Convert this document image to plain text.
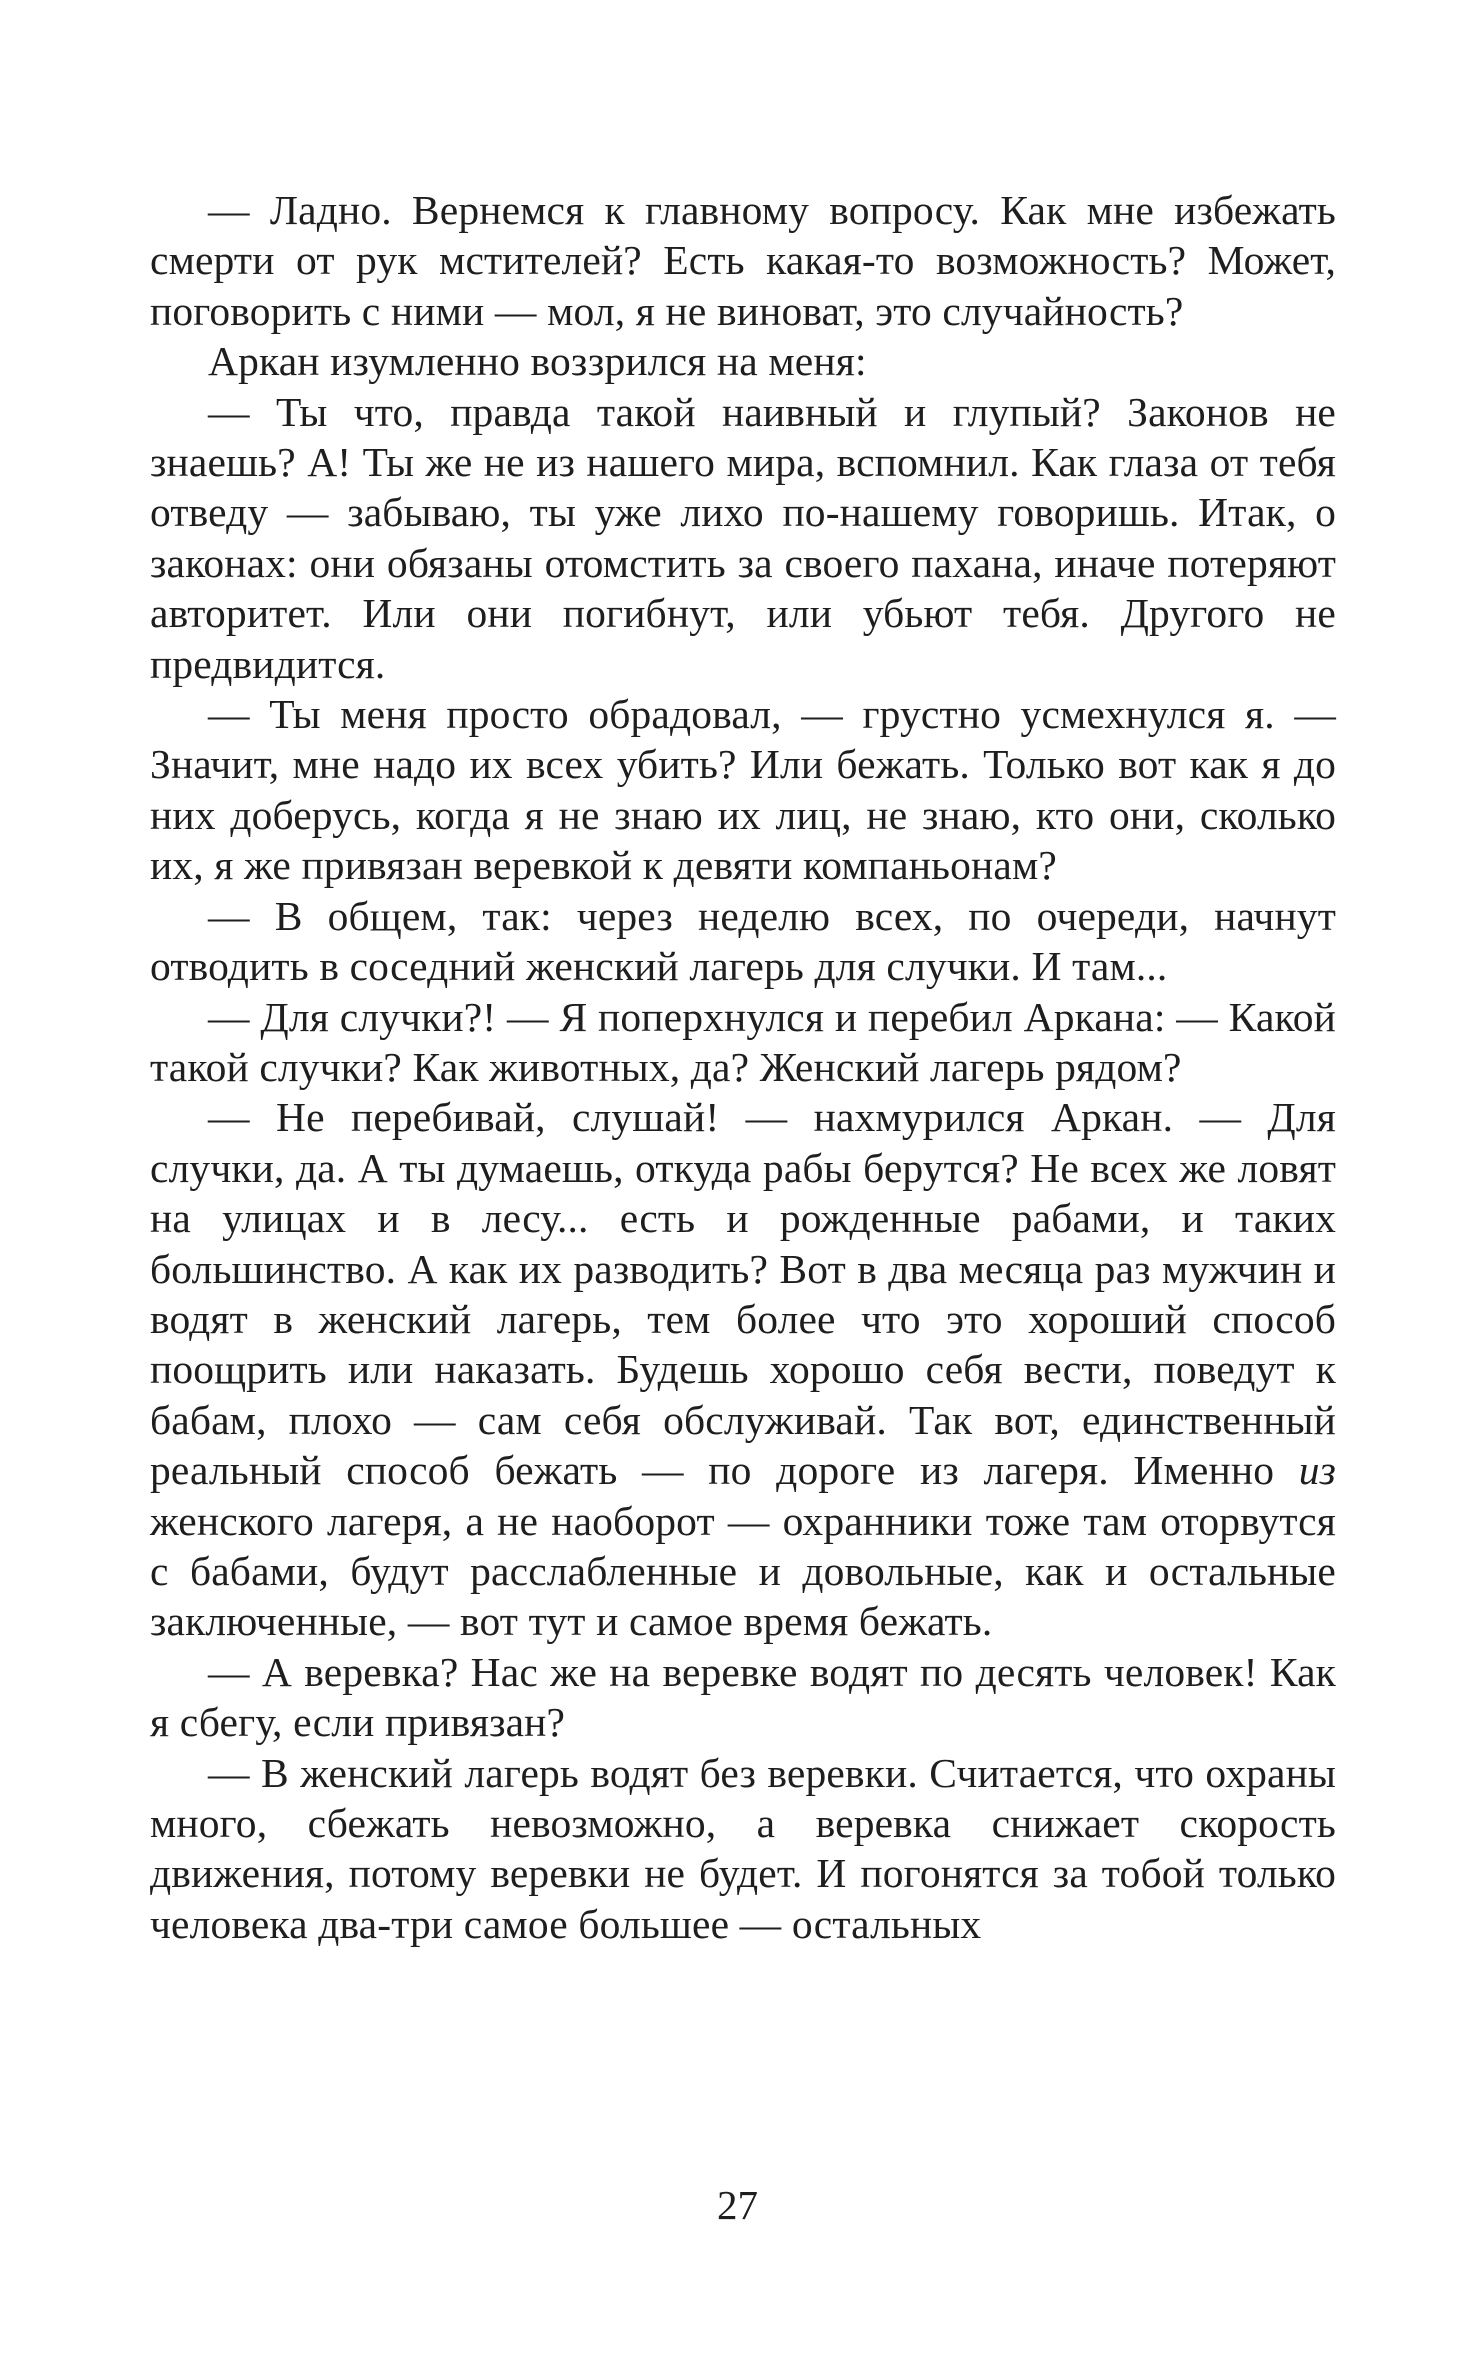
— Ладно. Вернемся к главному вопросу. Как мне избежать смерти от рук мстителей? Есть какая-то возможность? Может, поговорить с ними — мол, я не виноват, это случайность?

Аркан изумленно воззрился на меня:

— Ты что, правда такой наивный и глупый? Законов не знаешь? А! Ты же не из нашего мира, вспомнил. Как глаза от тебя отведу — забываю, ты уже лихо по-нашему говоришь. Итак, о законах: они обязаны отомстить за своего пахана, иначе потеряют авторитет. Или они погибнут, или убьют тебя. Другого не предвидится.

— Ты меня просто обрадовал, — грустно усмехнулся я. — Значит, мне надо их всех убить? Или бежать. Только вот как я до них доберусь, когда я не знаю их лиц, не знаю, кто они, сколько их, я же привязан веревкой к девяти компаньонам?

— В общем, так: через неделю всех, по очереди, начнут отводить в соседний женский лагерь для случки. И там...

— Для случки?! — Я поперхнулся и перебил Аркана: — Какой такой случки? Как животных, да? Женский лагерь рядом?

— Не перебивай, слушай! — нахмурился Аркан. — Для случки, да. А ты думаешь, откуда рабы берутся? Не всех же ловят на улицах и в лесу... есть и рожденные рабами, и таких большинство. А как их разводить? Вот в два месяца раз мужчин и водят в женский лагерь, тем более что это хороший способ поощрить или наказать. Будешь хорошо себя вести, поведут к бабам, плохо — сам себя обслуживай. Так вот, единственный реальный способ бежать — по дороге из лагеря. Именно из женского лагеря, а не наоборот — охранники тоже там оторвутся с бабами, будут расслабленные и довольные, как и остальные заключенные, — вот тут и самое время бежать.

— А веревка? Нас же на веревке водят по десять человек! Как я сбегу, если привязан?

— В женский лагерь водят без веревки. Считается, что охраны много, сбежать невозможно, а веревка снижает скорость движения, потому веревки не будет. И погонятся за тобой только человека два-три самое большее — остальных

27
